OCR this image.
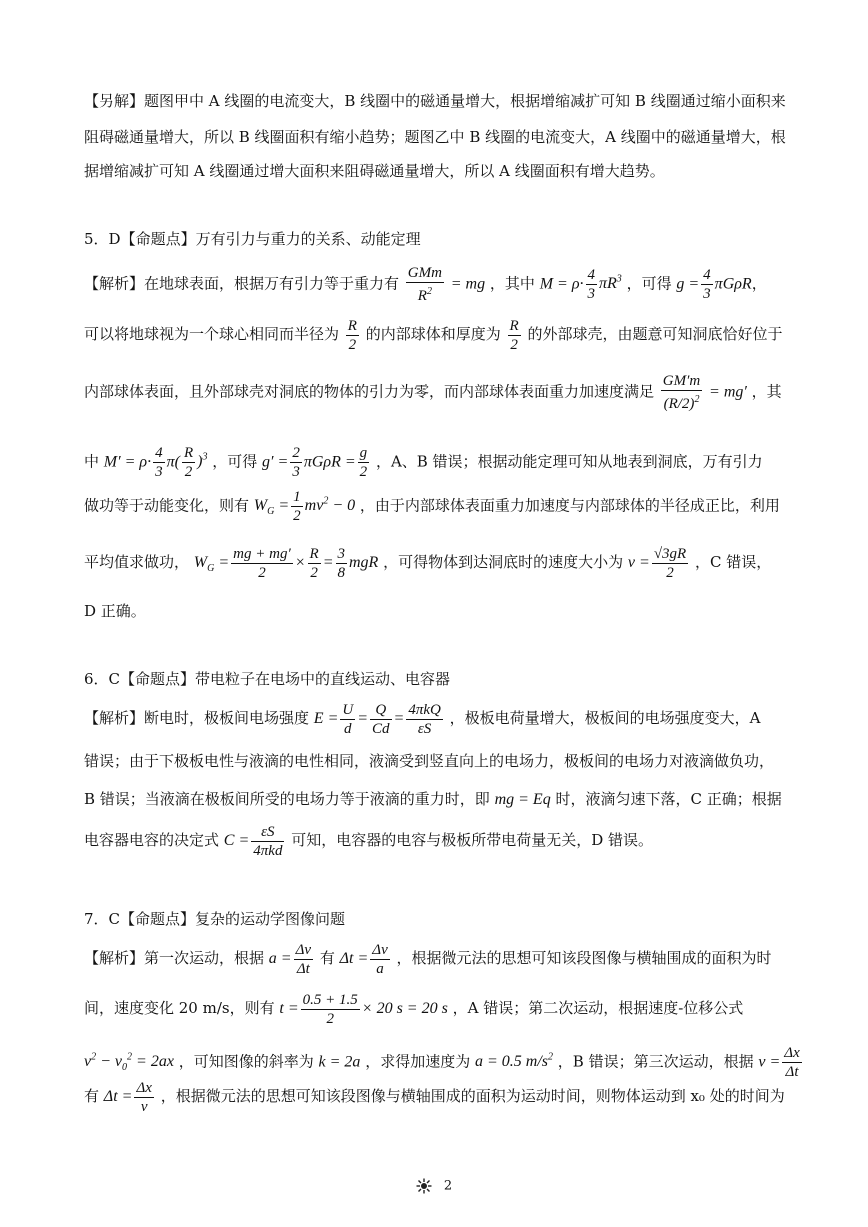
【另解】题图甲中 A 线圈的电流变大，B 线圈中的磁通量增大，根据增缩减扩可知 B 线圈通过缩小面积来
阻碍磁通量增大，所以 B 线圈面积有缩小趋势；题图乙中 B 线圈的电流变大，A 线圈中的磁通量增大，根
据增缩减扩可知 A 线圈通过增大面积来阻碍磁通量增大，所以 A 线圈面积有增大趋势。
5．D【命题点】万有引力与重力的关系、动能定理
【解析】在地球表面，根据万有引力等于重力有 $\frac{\text{GMm}}{R^2}$ = mg ，其中 $M = \rho\cdot \frac{4}{3} \pi R^3$ ，可得 $g = \frac{4}{3}$ πGρR，
可以将地球视为一个球心相同而半径为 $\frac{R}{2}$ 的内部球体和厚度为 $\frac{R}{2}$ 的外部球壳，由题意可知洞底恰好位于
内部球体表面，且外部球壳对洞底的物体的引力为零，而内部球体表面重力加速度满足 $\frac{GM'm}{(R/2)^2} = mg'$ ，其
中 $M' = \rho\cdot \frac{4}{3} \pi( \frac{R}{2} )^3$ ，可得 $g' = \frac{2}{3}$ $\pi G\rho R = \frac{g}{2}$ ，A、B 错误；根据动能定理可知从地表到洞底，万有引力
做功等于动能变化，则有 $W_G = \frac{1}{2} mv^2 - 0$ ，由于内部球体表面重力加速度与内部球体的半径成正比，利用
平均值求做功， $W_G = \frac{mg + mg'}{2} \times \frac{R}{2} = \frac{3}{8}$ mgR ，可得物体到达洞底时的速度大小为 $v = \frac{√3gR}{2}$ ，C 错误，
D 正确。
6．C【命题点】带电粒子在电场中的直线运动、电容器
【解析】断电时，极板间电场强度 $E = \frac{U}{d} = \frac{Q}{Cd} = \frac{\text{4πkQ}}{\varepsilon S}$ ，极板电荷量增大，极板间的电场强度变大，A
错误；由于下极板电性与液滴的电性相同，液滴受到竖直向上的电场力，极板间的电场力对液滴做负功，
B 错误；当液滴在极板间所受的电场力等于液滴的重力时，即 mg = Eq 时，液滴匀速下落，C 正确；根据
电容器电容的决定式 $C = \frac{\varepsilon S}{\text{4πkd}}$ 可知，电容器的电容与极板所带电荷量无关，D 错误。
7．C【命题点】复杂的运动学图像问题
【解析】第一次运动，根据 $a = \frac{\Delta v}{\Delta t}$ 有 $\Delta t = \frac{\Delta v}{a}$ ，根据微元法的思想可知该段图像与横轴围成的面积为时
间，速度变化 20 m/s，则有 $t = \frac{0.5 + 1.5}{2} \times 20$ s = 20 s ，A 错误；第二次运动，根据速度-位移公式
$v^2 - v_0^2 = 2ax$ ，可知图像的斜率为 k = 2a ，求得加速度为 a = 0.5 $m/s^2$ ，B 错误；第三次运动，根据 $v = \frac{\Delta x}{\Delta t}$
有 $\Delta t = \frac{\Delta x}{v}$ ，根据微元法的思想可知该段图像与横轴围成的面积为运动时间，则物体运动到 x₀ 处的时间为
2
